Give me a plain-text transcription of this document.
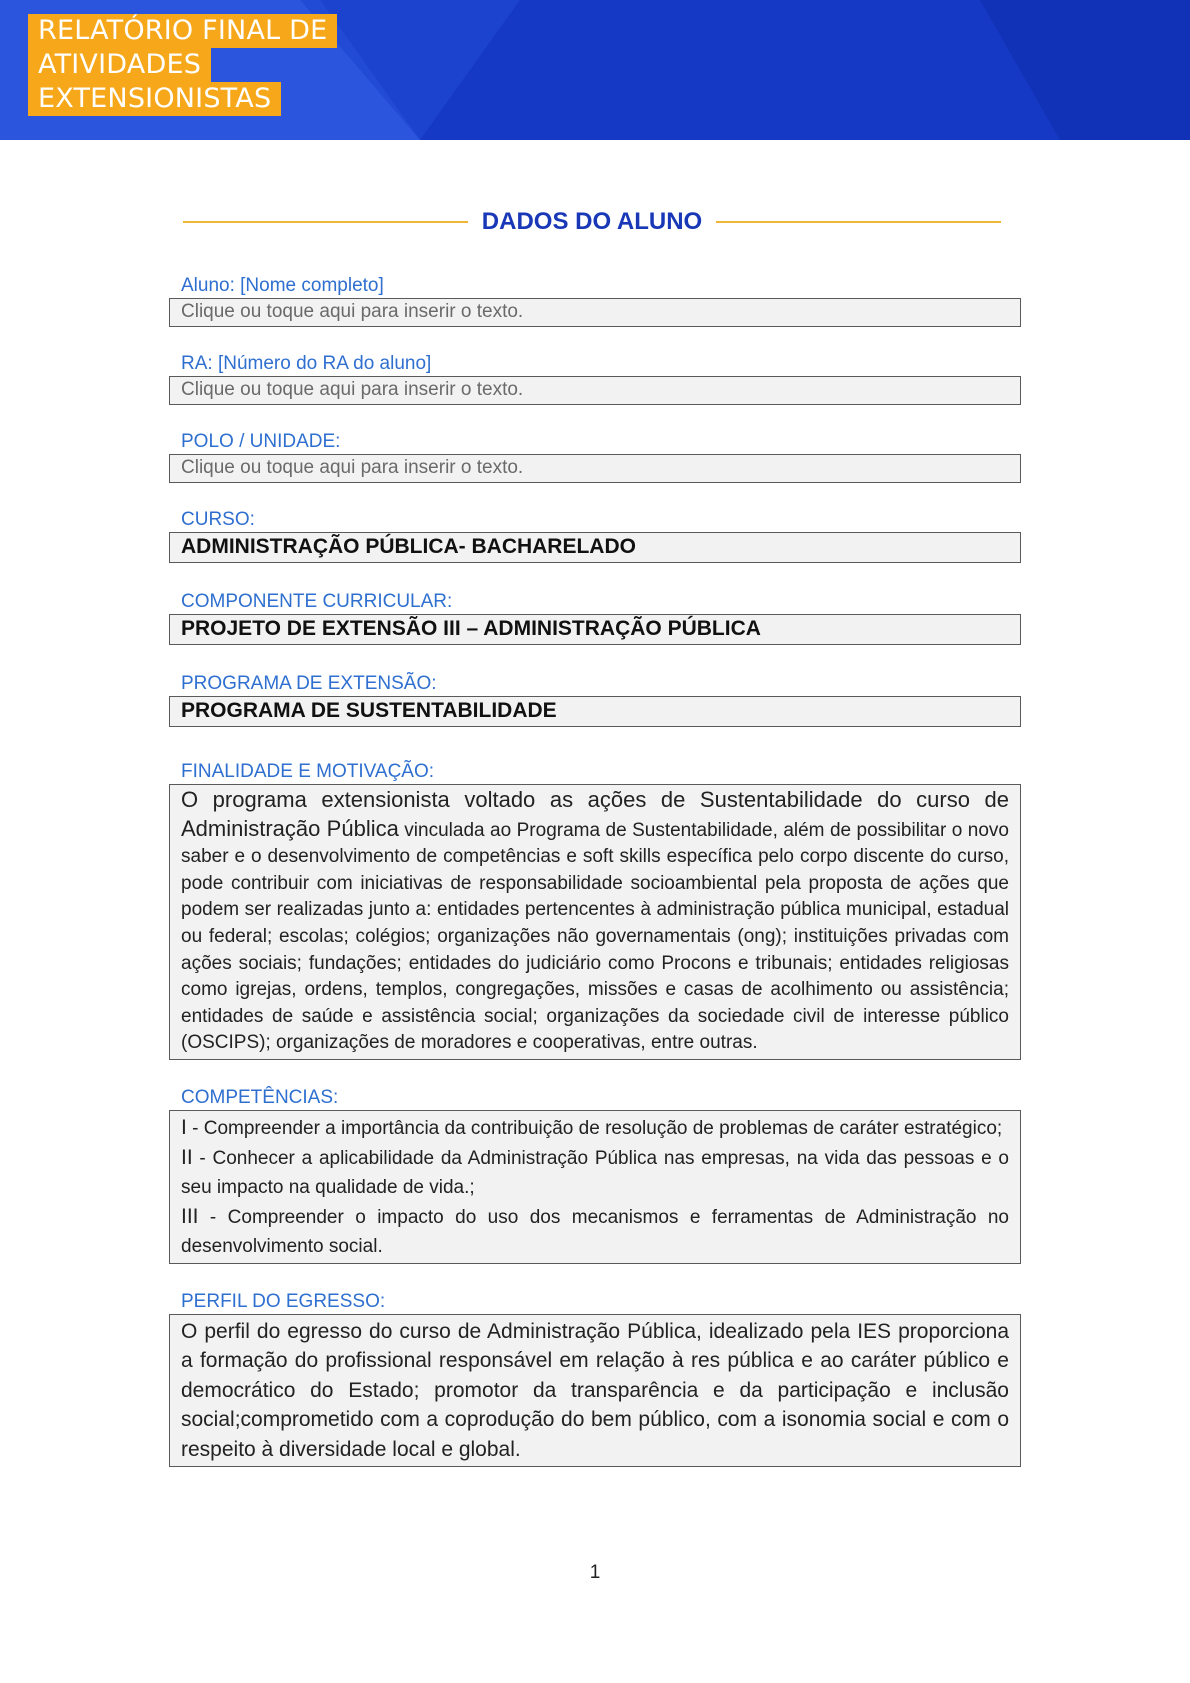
RELATÓRIO FINAL DE
ATIVIDADES
EXTENSIONISTAS
DADOS DO ALUNO
Aluno: [Nome completo]
Clique ou toque aqui para inserir o texto.
RA: [Número do RA do aluno]
Clique ou toque aqui para inserir o texto.
POLO / UNIDADE:
Clique ou toque aqui para inserir o texto.
CURSO:
ADMINISTRAÇÃO PÚBLICA- BACHARELADO
COMPONENTE CURRICULAR:
PROJETO DE EXTENSÃO III – ADMINISTRAÇÃO PÚBLICA
PROGRAMA DE EXTENSÃO:
PROGRAMA DE SUSTENTABILIDADE
FINALIDADE E MOTIVAÇÃO:
O programa extensionista voltado as ações de Sustentabilidade do curso de Administração Pública vinculada ao Programa de Sustentabilidade, além de possibilitar o novo saber e o desenvolvimento de competências e soft skills específica pelo corpo discente do curso, pode contribuir com iniciativas de responsabilidade socioambiental pela proposta de ações que podem ser realizadas junto a: entidades pertencentes à administração pública municipal, estadual ou federal; escolas; colégios; organizações não governamentais (ong); instituições privadas com ações sociais; fundações; entidades do judiciário como Procons e tribunais; entidades religiosas como igrejas, ordens, templos, congregações, missões e casas de acolhimento ou assistência; entidades de saúde e assistência social; organizações da sociedade civil de interesse público (OSCIPS); organizações de moradores e cooperativas, entre outras.
COMPETÊNCIAS:
I - Compreender a importância da contribuição de resolução de problemas de caráter estratégico;
II - Conhecer a aplicabilidade da Administração Pública nas empresas, na vida das pessoas e o seu impacto na qualidade de vida.;
III - Compreender o impacto do uso dos mecanismos e ferramentas de Administração no desenvolvimento social.
PERFIL DO EGRESSO:
O perfil do egresso do curso de Administração Pública, idealizado pela IES proporciona a formação do profissional responsável em relação à res pública e ao caráter público e democrático do Estado; promotor da transparência e da participação e inclusão social;comprometido com a coprodução do bem público, com a isonomia social e com o respeito à diversidade local e global.
1
